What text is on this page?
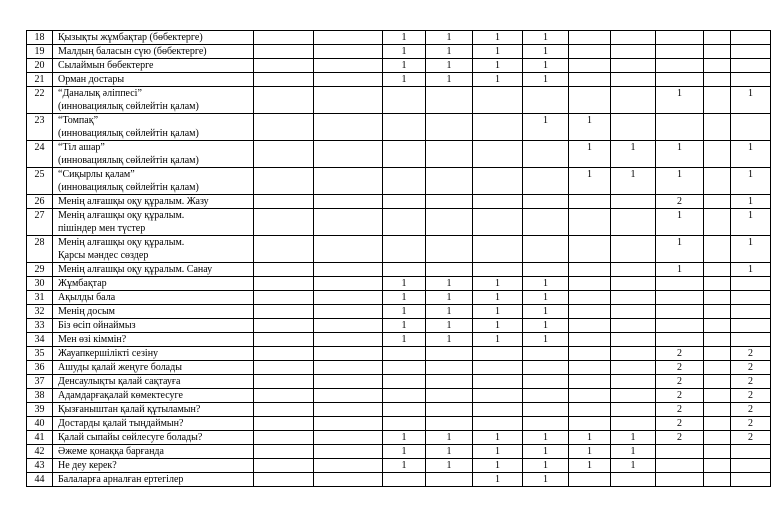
18	Қызықты жұмбақтар (бөбектерге)			1	1	1	1					
19	Малдың баласын сүю (бөбектерге)			1	1	1	1					
20	Сылаймын бөбектерге			1	1	1	1					
21	Орман достары			1	1	1	1					
22	“Даналық әліппесі”
(инновациялық сөйлейтін қалам)									1		1
23	“Томпақ”
(инновациялық сөйлейтін қалам)						1	1				
24	“Тіл ашар”
(инновациялық сөйлейтін қалам)							1	1	1		1
25	“Сиқырлы қалам”
(инновациялық сөйлейтін қалам)							1	1	1		1
26	Менің алғашқы оқу құралым. Жазу									2		1
27	Менің алғашқы оқу құралым.
пішіндер мен түстер									1		1
28	Менің алғашқы оқу құралым.
Қарсы мәндес сөздер									1		1
29	Менің алғашқы оқу құралым. Санау									1		1
30	Жұмбақтар			1	1	1	1					
31	Ақылды бала			1	1	1	1					
32	Менің досым			1	1	1	1					
33	Біз өсіп ойнаймыз			1	1	1	1					
34	Мен өзі кіммін?			1	1	1	1					
35	Жауапкершілікті сезіну									2		2
36	Ашуды қалай жеңуге болады									2		2
37	Денсаулықты қалай сақтауға									2		2
38	Адамдарғақалай көмектесуге									2		2
39	Қызғаныштан қалай құтыламын?									2		2
40	Достарды қалай тыңдаймын?									2		2
41	Қалай сыпайы сөйлесуге болады?			1	1	1	1	1	1	2		2
42	Әжеме қонаққа барғанда			1	1	1	1	1	1			
43	Не деу керек?			1	1	1	1	1	1			
44	Балаларға арналған ертегілер					1	1					
